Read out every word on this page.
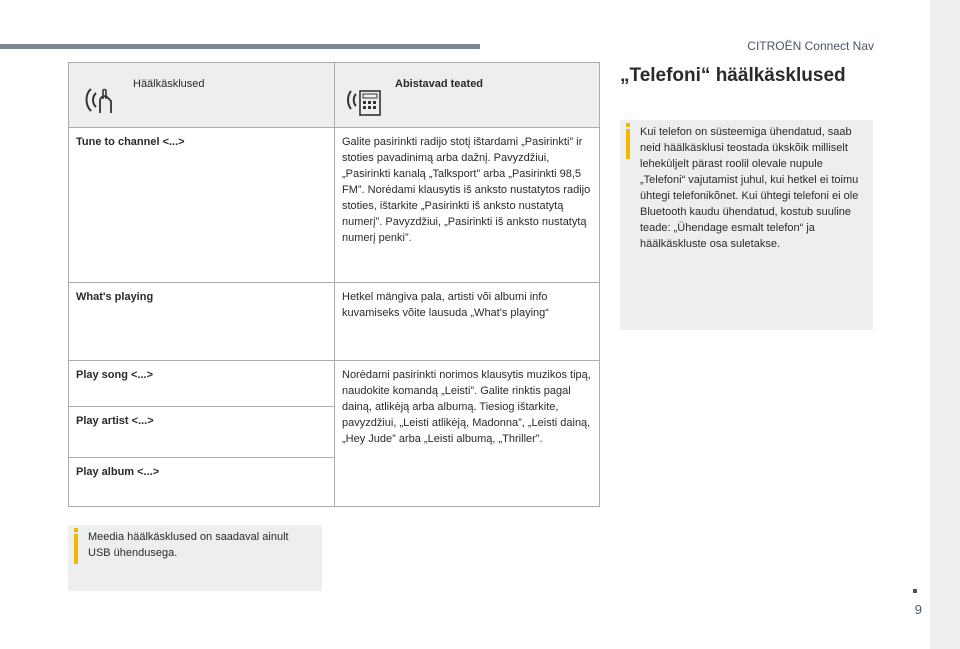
CITROËN Connect Nav
Häälkäsklused	Abistavad teated

Tune to channel <...>	Galite pasirinkti radijo stotį ištardami „Pasirinkti” ir stoties pavadinimą arba dažnį. Pavyzdžiui, „Pasirinkti kanalą „Talksport” arba „Pasirinkti 98,5 FM”. Norėdami klausytis iš anksto nustatytos radijo stoties, ištarkite „Pasirinkti iš anksto nustatytą numerį”. Pavyzdžiui, „Pasirinkti iš anksto nustatytą numerį penki”.
What's playing	Hetkel mängiva pala, artisti või albumi info kuvamiseks võite lausuda „What's playing“
Play song <...>	Norėdami pasirinkti norimos klausytis muzikos tipą, naudokite komandą „Leisti”. Galite rinktis pagal dainą, atlikėją arba albumą. Tiesiog ištarkite, pavyzdžiui, „Leisti atlikėją, Madonna”, „Leisti dainą, „Hey Jude” arba „Leisti albumą, „Thriller”.
Play artist <...>	
Play album <...>	
Meedia häälkäsklused on saadaval ainult USB ühendusega.
„Telefoni“ häälkäsklused
Kui telefon on süsteemiga ühendatud, saab neid häälkäsklusi teostada ükskõik milliselt lehekùljelt pärast roolil olevale nupule „Telefoni“ vajutamist juhul, kui hetkel ei toimu ühtegi telefonikõnet. Kui ühtegi telefoni ei ole Bluetooth kaudu ühendatud, kostub suuline teade: „Ühendage esmalt telefon“ ja häälkäskluste osa suletakse.
9
